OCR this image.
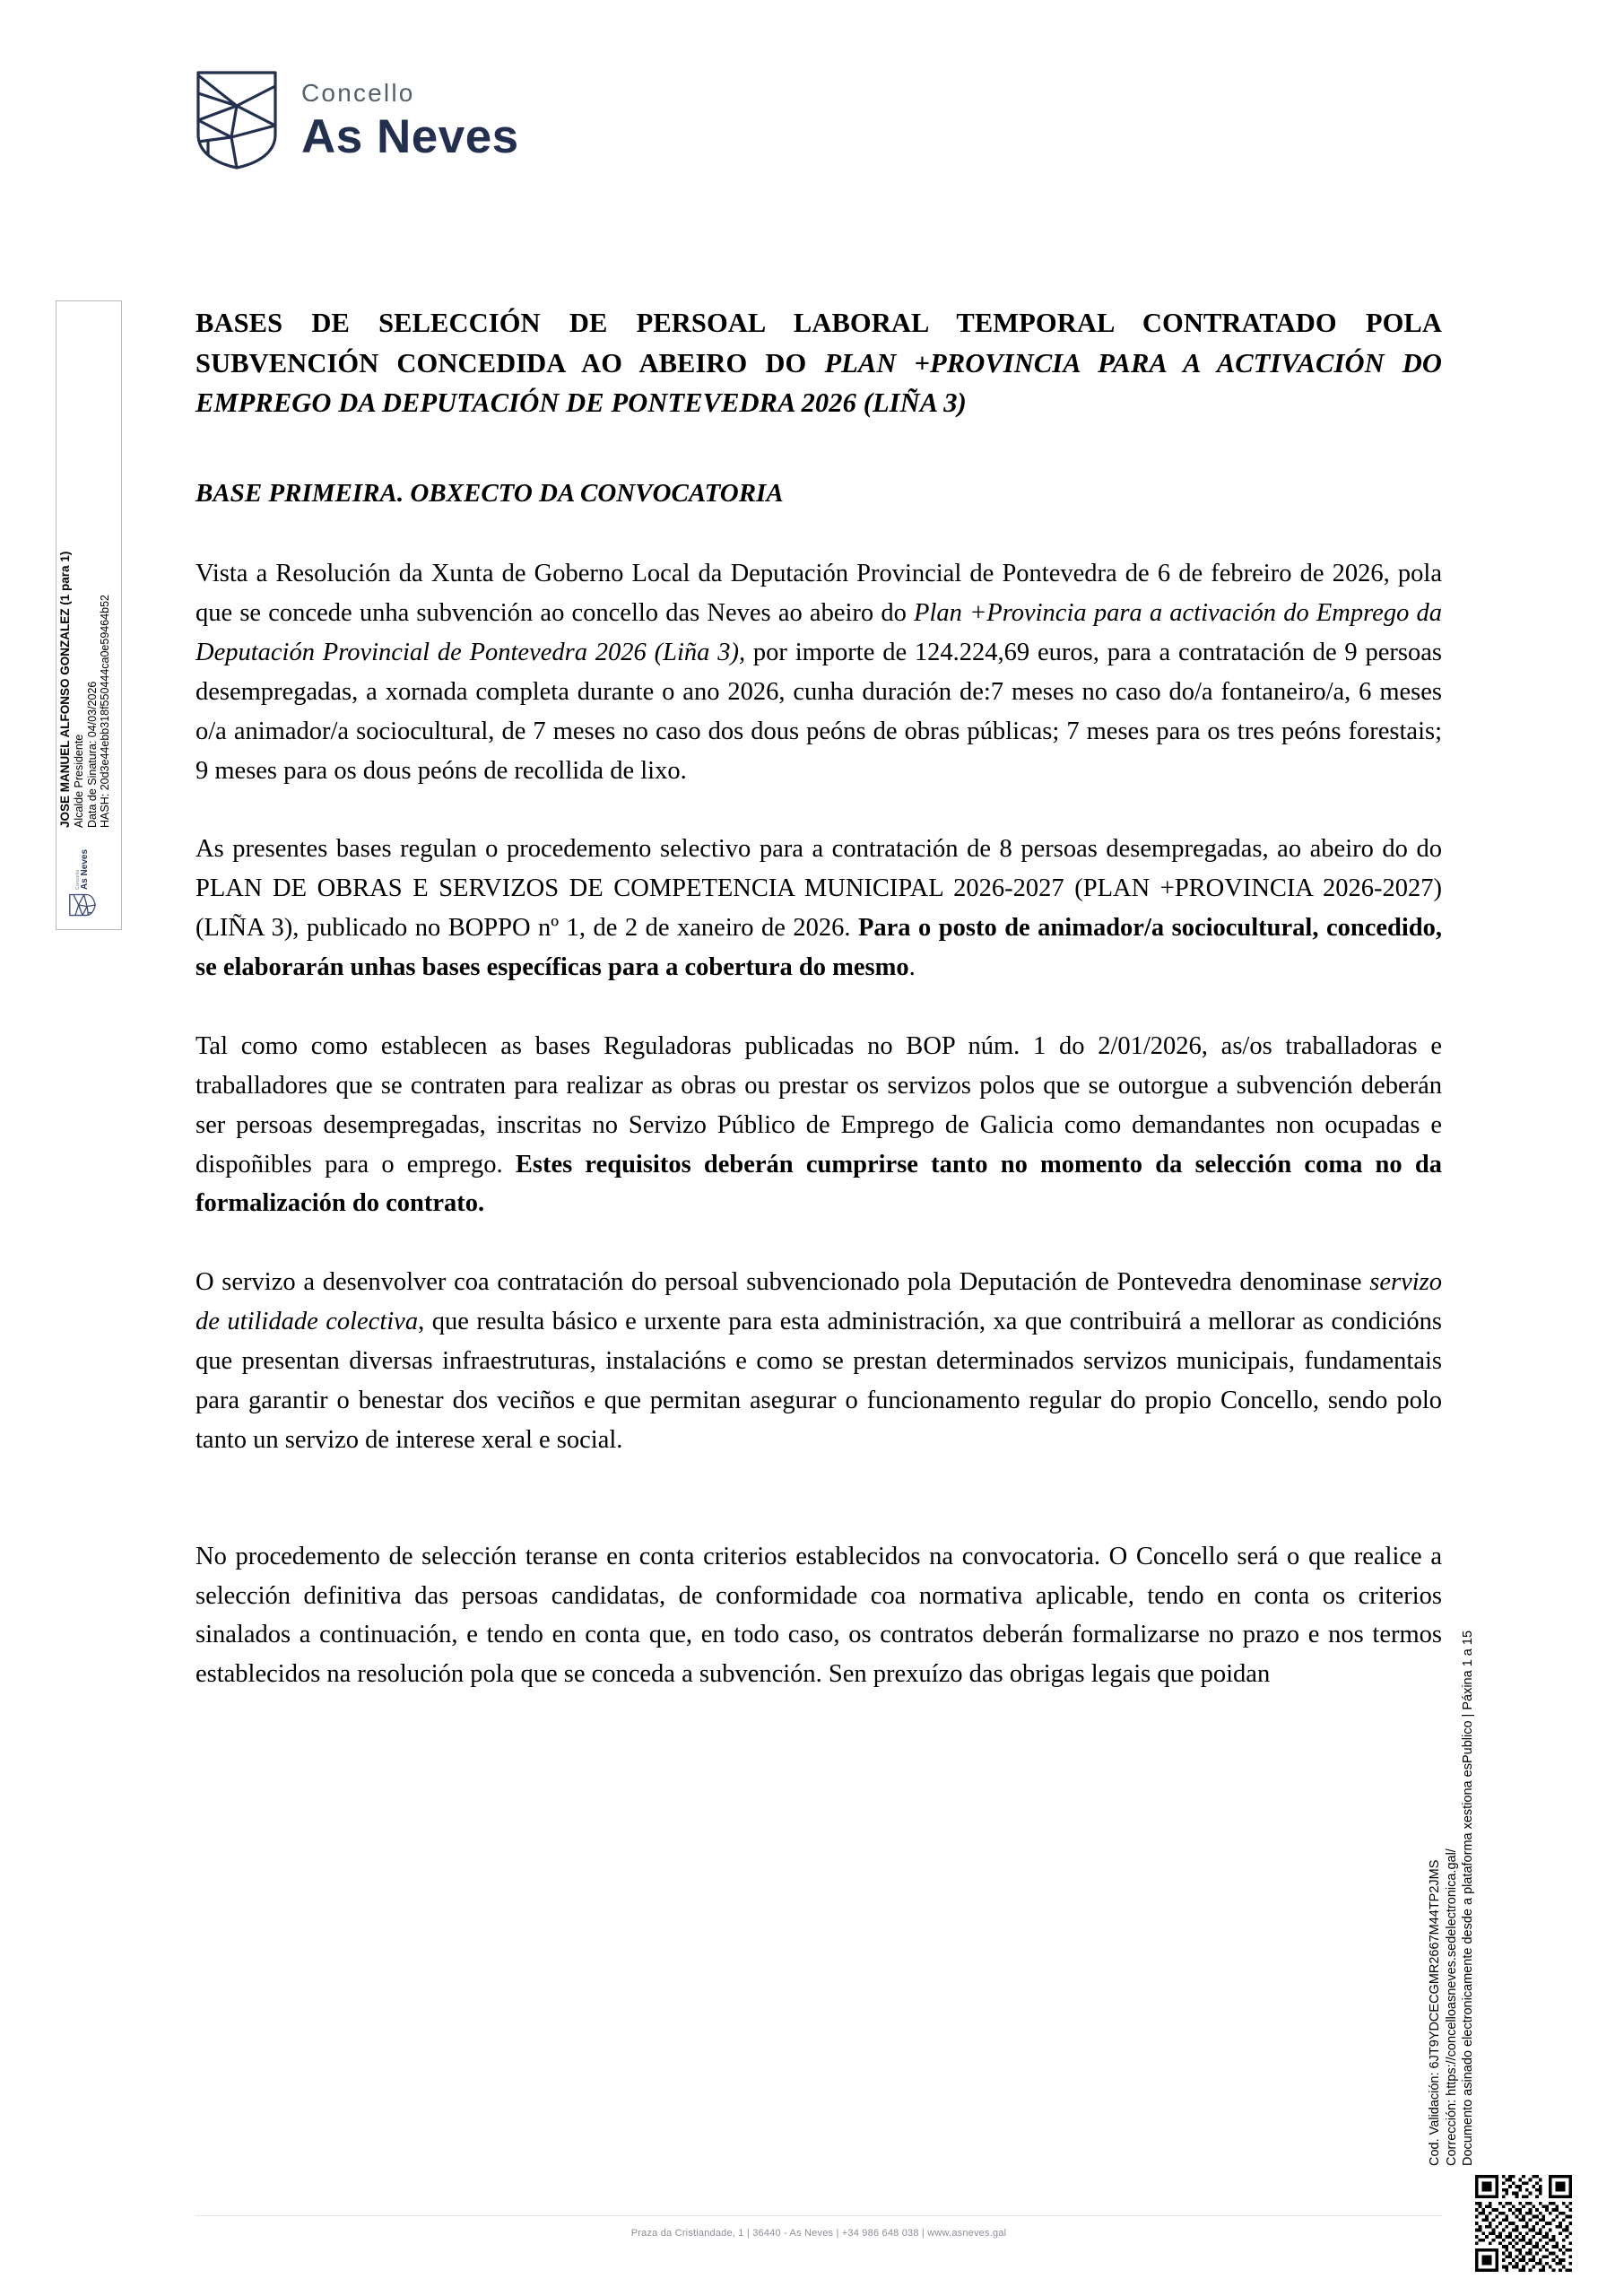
Concello
As Neves
Concello As Neves
JOSE MANUEL ALFONSO GONZALEZ (1 para 1) Alcalde Presidente Data de Sinatura: 04/03/2026 HASH: 20d3e44ebb318f550444ca0e59464b52
Cod. Validación: 6JT9YDCECGMR2667M44TP2JMS Corrección: https://concelloasneves.sedelectronica.gal/ Documento asinado electronicamente desde a plataforma xestiona esPublico | Páxina 1 a 15
BASES DE SELECCIÓN DE PERSOAL LABORAL TEMPORAL CONTRATADO POLA SUBVENCIÓN CONCEDIDA AO ABEIRO DO PLAN +PROVINCIA PARA A ACTIVACIÓN DO EMPREGO DA DEPUTACIÓN DE PONTEVEDRA 2026 (LIÑA 3)
BASE PRIMEIRA. OBXECTO DA CONVOCATORIA

Vista a Resolución da Xunta de Goberno Local da Deputación Provincial de Pontevedra de 6 de febreiro de 2026, pola que se concede unha subvención ao concello das Neves ao abeiro do Plan +Provincia para a activación do Emprego da Deputación Provincial de Pontevedra 2026 (Liña 3), por importe de 124.224,69 euros, para a contratación de 9 persoas desempregadas, a xornada completa durante o ano 2026, cunha duración de:7 meses no caso do/a fontaneiro/a, 6 meses o/a animador/a sociocultural, de 7 meses no caso dos dous peóns de obras públicas; 7 meses para os tres peóns forestais; 9 meses para os dous peóns de recollida de lixo.

As presentes bases regulan o procedemento selectivo para a contratación de 8 persoas desempregadas, ao abeiro do do PLAN DE OBRAS E SERVIZOS DE COMPETENCIA MUNICIPAL 2026-2027 (PLAN +PROVINCIA 2026-2027) (LIÑA 3), publicado no BOPPO nº 1, de 2 de xaneiro de 2026. Para o posto de animador/a sociocultural, concedido, se elaborarán unhas bases específicas para a cobertura do mesmo.

Tal como como establecen as bases Reguladoras publicadas no BOP núm. 1 do 2/01/2026, as/os traballadoras e traballadores que se contraten para realizar as obras ou prestar os servizos polos que se outorgue a subvención deberán ser persoas desempregadas, inscritas no Servizo Público de Emprego de Galicia como demandantes non ocupadas e dispoñibles para o emprego. Estes requisitos deberán cumprirse tanto no momento da selección coma no da formalización do contrato.

O servizo a desenvolver coa contratación do persoal subvencionado pola Deputación de Pontevedra denominase servizo de utilidade colectiva, que resulta básico e urxente para esta administración, xa que contribuirá a mellorar as condicións que presentan diversas infraestruturas, instalacións e como se prestan determinados servizos municipais, fundamentais para garantir o benestar dos veciños e que permitan asegurar o funcionamento regular do propio Concello, sendo polo tanto un servizo de interese xeral e social.

No procedemento de selección teranse en conta criterios establecidos na convocatoria. O Concello será o que realice a selección definitiva das persoas candidatas, de conformidade coa normativa aplicable, tendo en conta os criterios sinalados a continuación, e tendo en conta que, en todo caso, os contratos deberán formalizarse no prazo e nos termos establecidos na resolución pola que se conceda a subvención. Sen prexuízo das obrigas legais que poidan

Praza da Cristiandade, 1 | 36440 - As Neves | +34 986 648 038 | www.asneves.gal
